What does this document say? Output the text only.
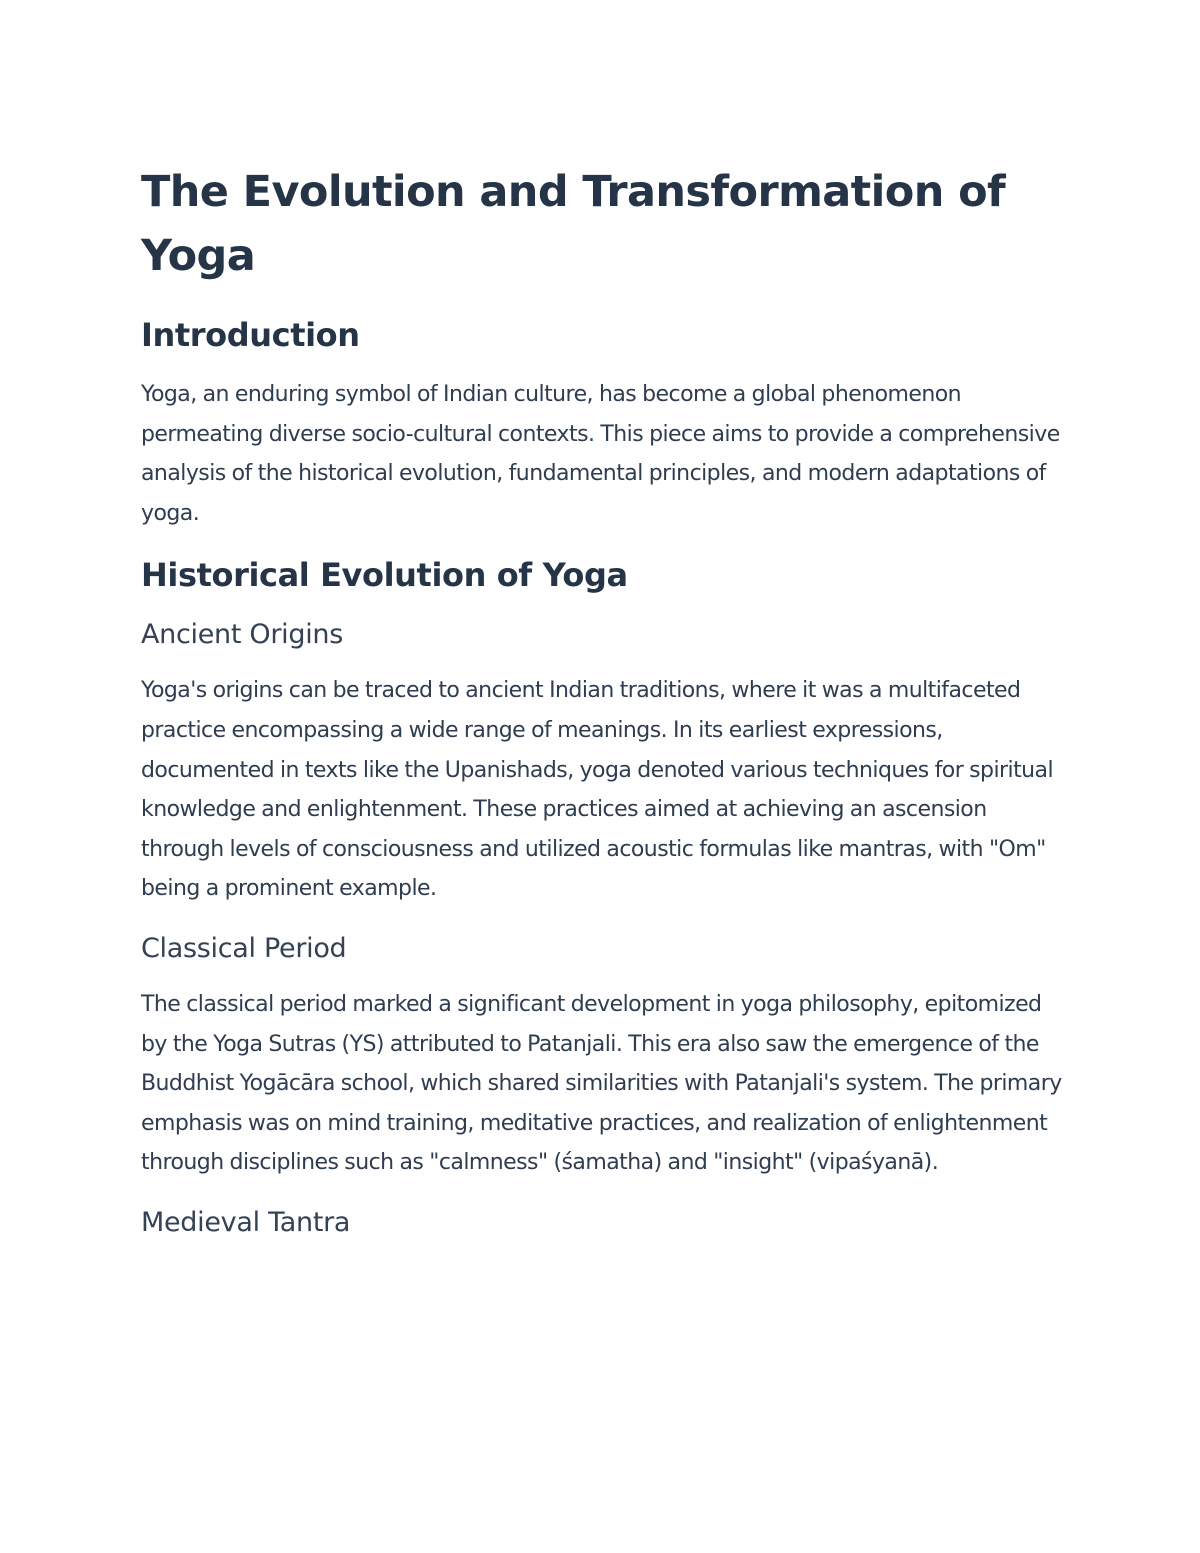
The Evolution and Transformation of Yoga
Introduction

Yoga, an enduring symbol of Indian culture, has become a global phenomenon permeating diverse socio-cultural contexts. This piece aims to provide a comprehensive analysis of the historical evolution, fundamental principles, and modern adaptations of yoga.

Historical Evolution of Yoga
Ancient Origins

Yoga's origins can be traced to ancient Indian traditions, where it was a multifaceted practice encompassing a wide range of meanings. In its earliest expressions, documented in texts like the Upanishads, yoga denoted various techniques for spiritual knowledge and enlightenment. These practices aimed at achieving an ascension through levels of consciousness and utilized acoustic formulas like mantras, with "Om" being a prominent example.

Classical Period

The classical period marked a significant development in yoga philosophy, epitomized by the Yoga Sutras (YS) attributed to Patanjali. This era also saw the emergence of the Buddhist Yogācāra school, which shared similarities with Patanjali's system. The primary emphasis was on mind training, meditative practices, and realization of enlightenment through disciplines such as "calmness" (śamatha) and "insight" (vipaśyanā).

Medieval Tantra
